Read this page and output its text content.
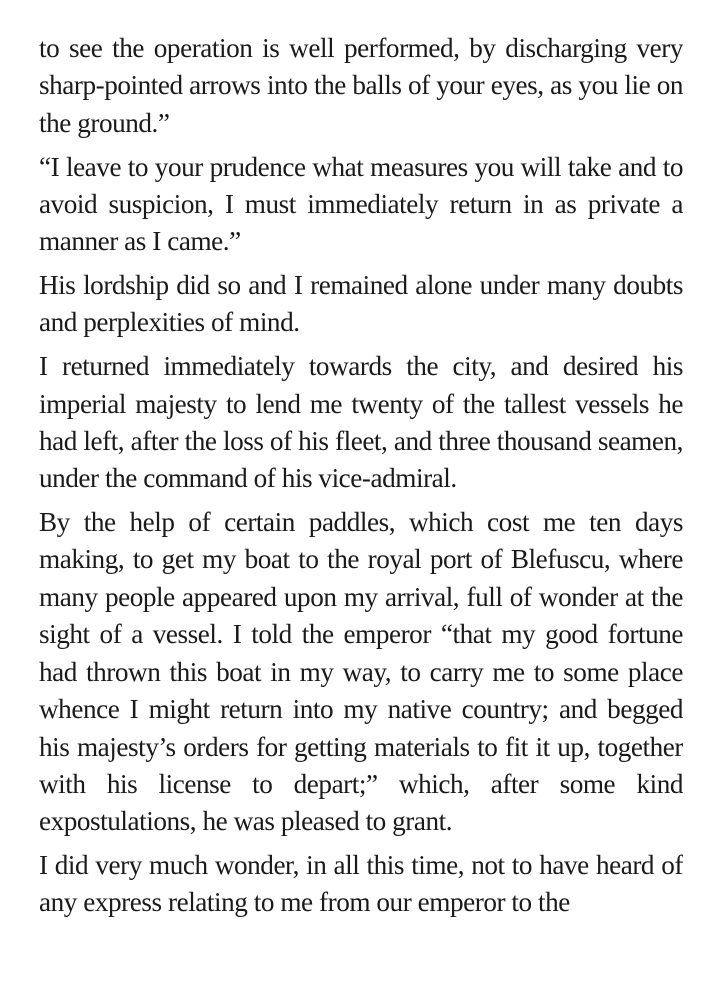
to see the operation is well performed, by discharging very sharp-pointed arrows into the balls of your eyes, as you lie on the ground.”

“I leave to your prudence what measures you will take and to avoid suspicion, I must immediately return in as private a manner as I came.”

His lordship did so and I remained alone under many doubts and perplexities of mind.

I returned immediately towards the city, and desired his imperial majesty to lend me twenty of the tallest vessels he had left, after the loss of his fleet, and three thousand seamen, under the command of his vice-admiral.

By the help of certain paddles, which cost me ten days making, to get my boat to the royal port of Blefuscu, where many people appeared upon my arrival, full of wonder at the sight of a vessel. I told the emperor “that my good fortune had thrown this boat in my way, to carry me to some place whence I might return into my native country; and begged his majesty’s orders for getting materials to fit it up, together with his license to depart;” which, after some kind expostulations, he was pleased to grant.

I did very much wonder, in all this time, not to have heard of any express relating to me from our emperor to the
